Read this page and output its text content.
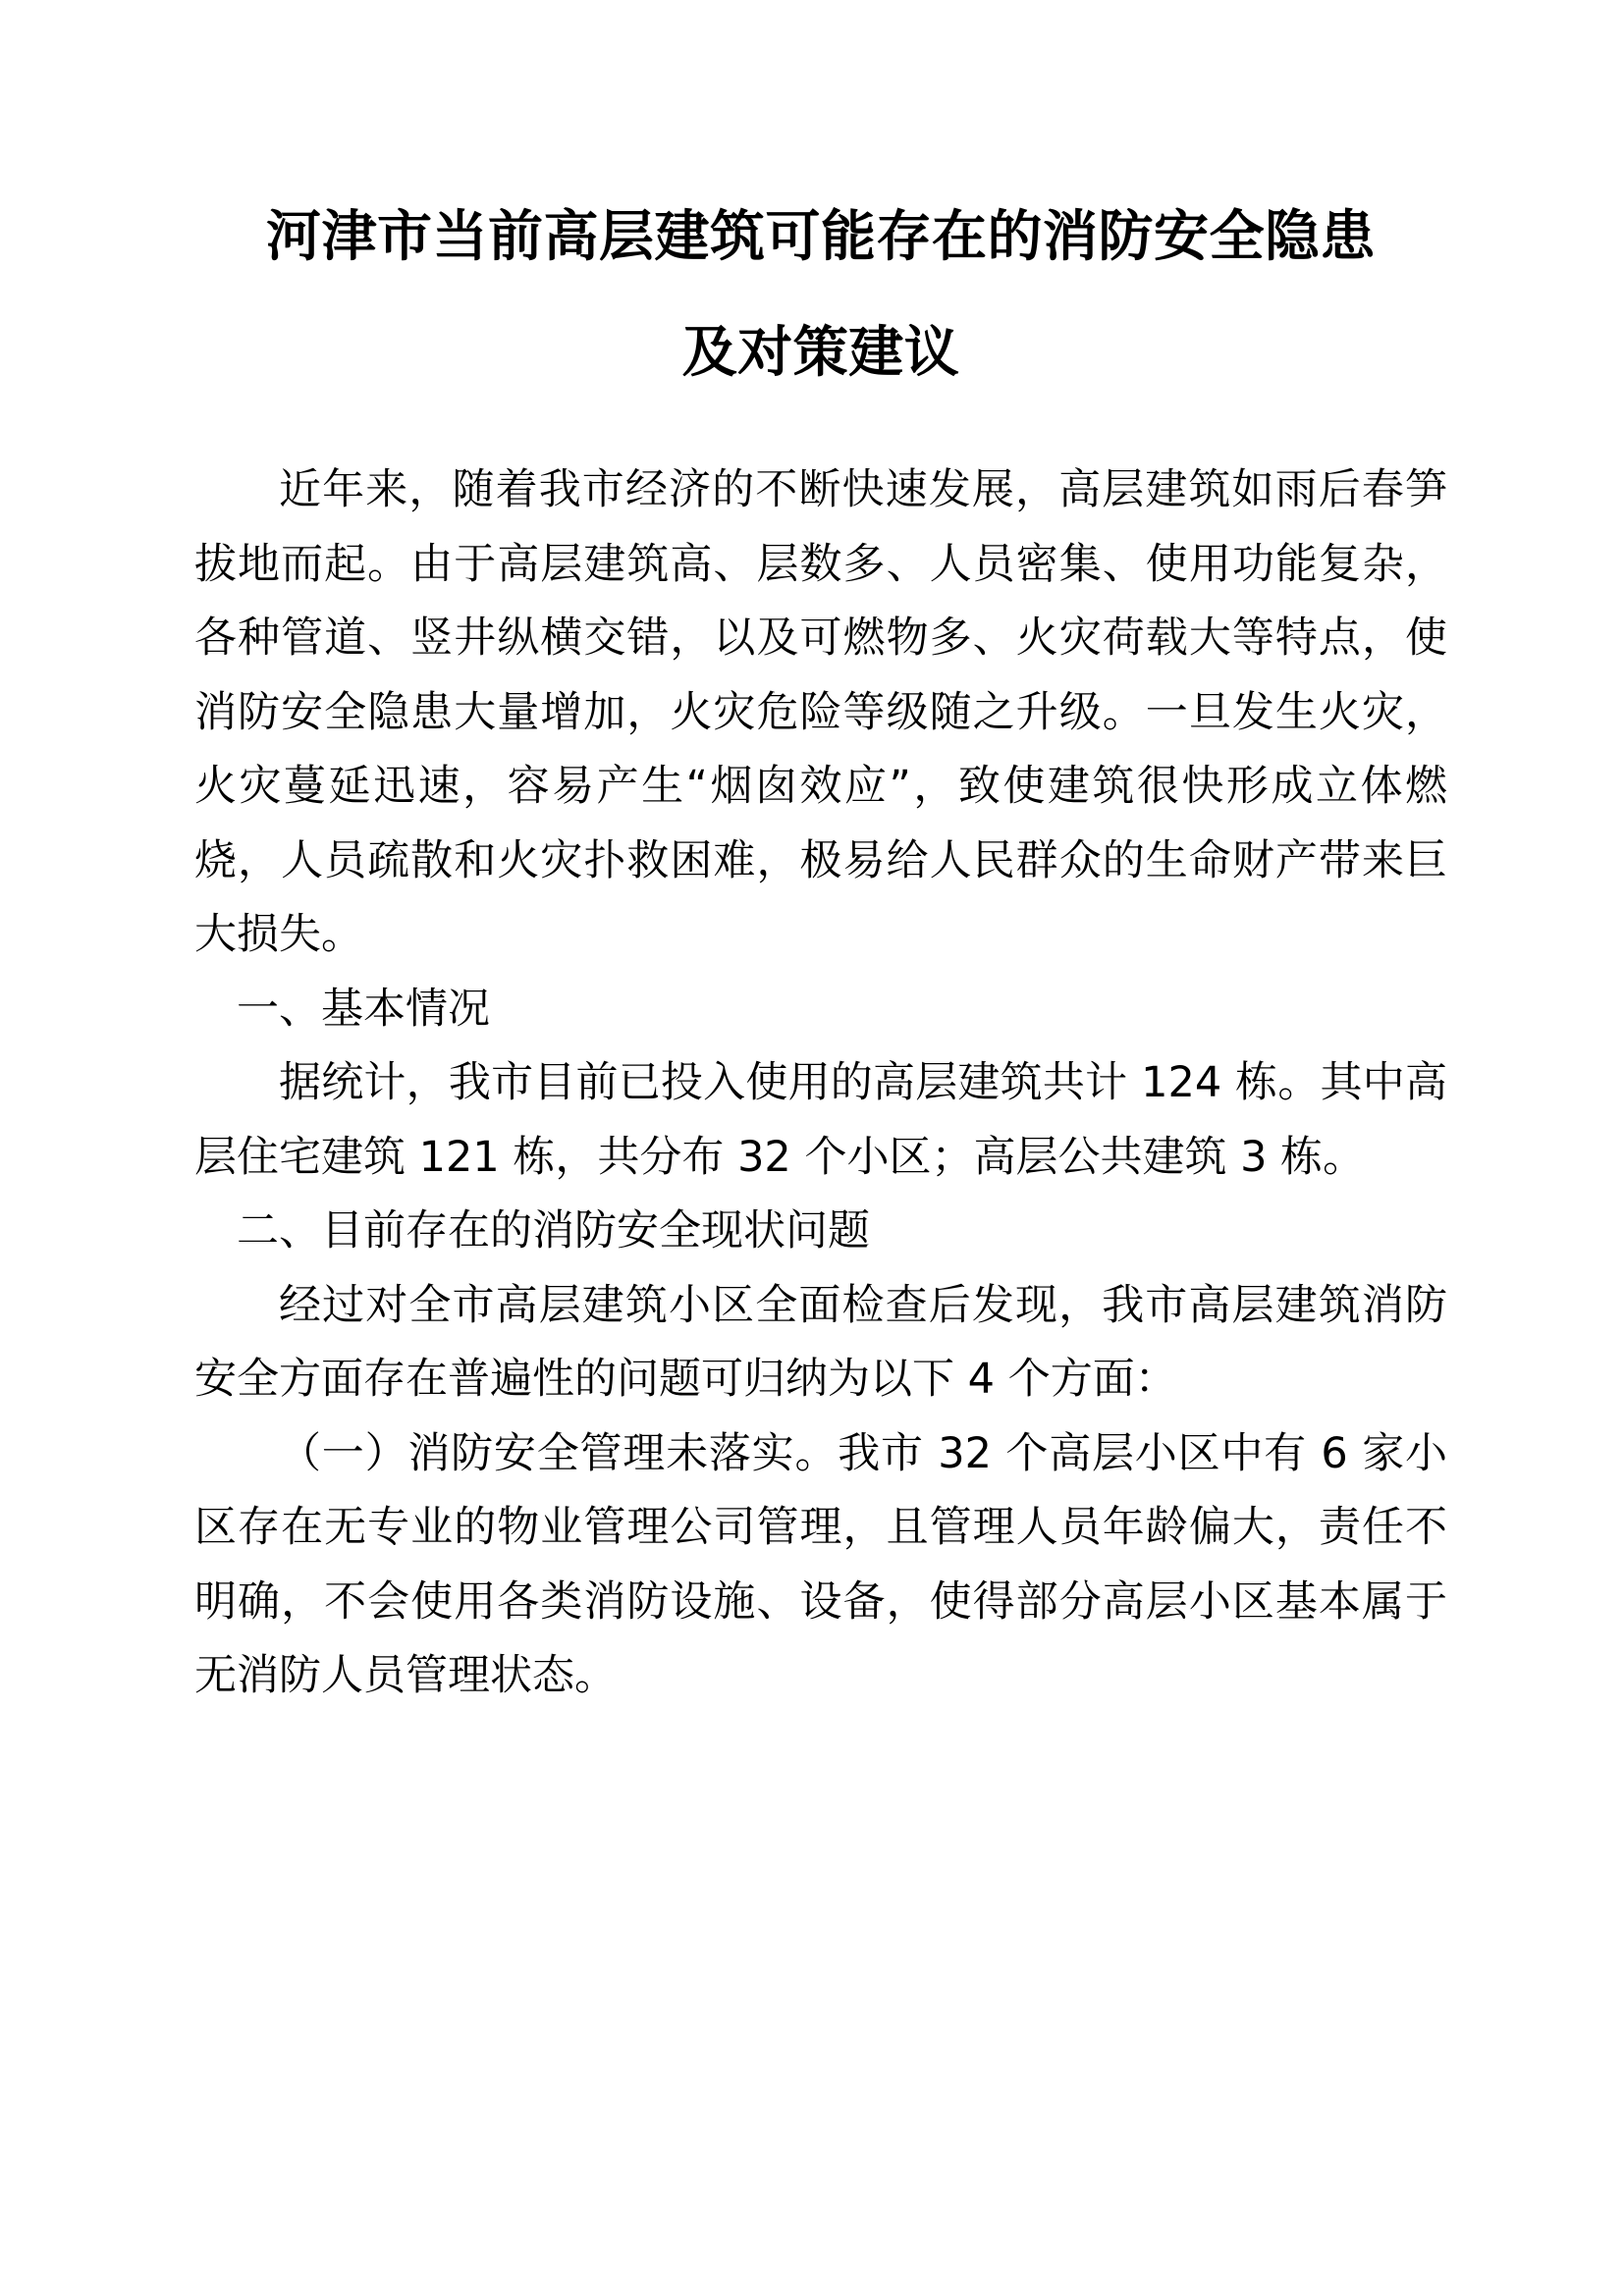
河津市当前高层建筑可能存在的消防安全隐患
及对策建议

近年来，随着我市经济的不断快速发展，高层建筑如雨后春笋拔地而起。由于高层建筑高、层数多、人员密集、使用功能复杂，各种管道、竖井纵横交错，以及可燃物多、火灾荷载大等特点，使消防安全隐患大量增加，火灾危险等级随之升级。一旦发生火灾，火灾蔓延迅速，容易产生“烟囱效应”，致使建筑很快形成立体燃烧，人员疏散和火灾扑救困难，极易给人民群众的生命财产带来巨大损失。

一、基本情况

据统计，我市目前已投入使用的高层建筑共计 124 栋。其中高层住宅建筑 121 栋，共分布 32 个小区；高层公共建筑 3 栋。

二、目前存在的消防安全现状问题

经过对全市高层建筑小区全面检查后发现，我市高层建筑消防安全方面存在普遍性的问题可归纳为以下 4 个方面：

（一）消防安全管理未落实。我市 32 个高层小区中有 6 家小区存在无专业的物业管理公司管理，且管理人员年龄偏大，责任不明确，不会使用各类消防设施、设备，使得部分高层小区基本属于无消防人员管理状态。
